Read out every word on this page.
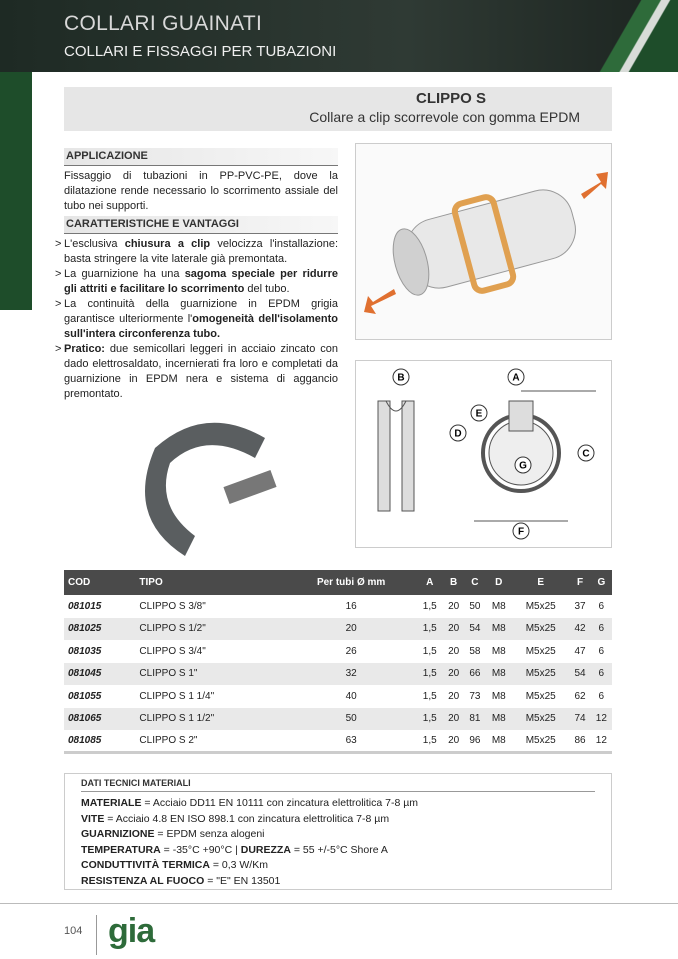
COLLARI GUAINATI
COLLARI E FISSAGGI PER TUBAZIONI
CLIPPO S
Collare a clip scorrevole con gomma EPDM
APPLICAZIONE

Fissaggio di tubazioni in PP-PVC-PE, dove la dilatazione rende necessario lo scorrimento assiale del tubo nei supporti.

CARATTERISTICHE E VANTAGGI
> L'esclusiva chiusura a clip velocizza l'installazione: basta stringere la vite laterale già premontata.
> La guarnizione ha una sagoma speciale per ridurre gli attriti e facilitare lo scorrimento del tubo.
> La continuità della guarnizione in EPDM grigia garantisce ulteriormente l'omogeneità dell'isolamento sull'intera circonferenza tubo.
> Pratico: due semicollari leggeri in acciaio zincato con dado elettrosaldato, incernierati fra loro e completati da guarnizione in EPDM nera e sistema di aggancio premontato.
A
B
C
D
E
F
G
COD	TIPO	Per tubi Ø mm	A	B	C	D	E	F	G
081015	CLIPPO S 3/8"	16	1,5	20	50	M8	M5x25	37	6
081025	CLIPPO S 1/2"	20	1,5	20	54	M8	M5x25	42	6
081035	CLIPPO S 3/4"	26	1,5	20	58	M8	M5x25	47	6
081045	CLIPPO S 1"	32	1,5	20	66	M8	M5x25	54	6
081055	CLIPPO S 1 1/4"	40	1,5	20	73	M8	M5x25	62	6
081065	CLIPPO S 1 1/2"	50	1,5	20	81	M8	M5x25	74	12
081085	CLIPPO S 2"	63	1,5	20	96	M8	M5x25	86	12
DATI TECNICI MATERIALI
MATERIALE = Acciaio DD11 EN 10111 con zincatura elettrolitica 7-8 µm
VITE = Acciaio 4.8 EN ISO 898.1 con zincatura elettrolitica 7-8 µm
GUARNIZIONE = EPDM senza alogeni
TEMPERATURA = -35°C +90°C | DUREZZA = 55 +/-5°C Shore A
CONDUTTIVITÀ TERMICA = 0,3 W/Km
RESISTENZA AL FUOCO = "E" EN 13501
104 gia
